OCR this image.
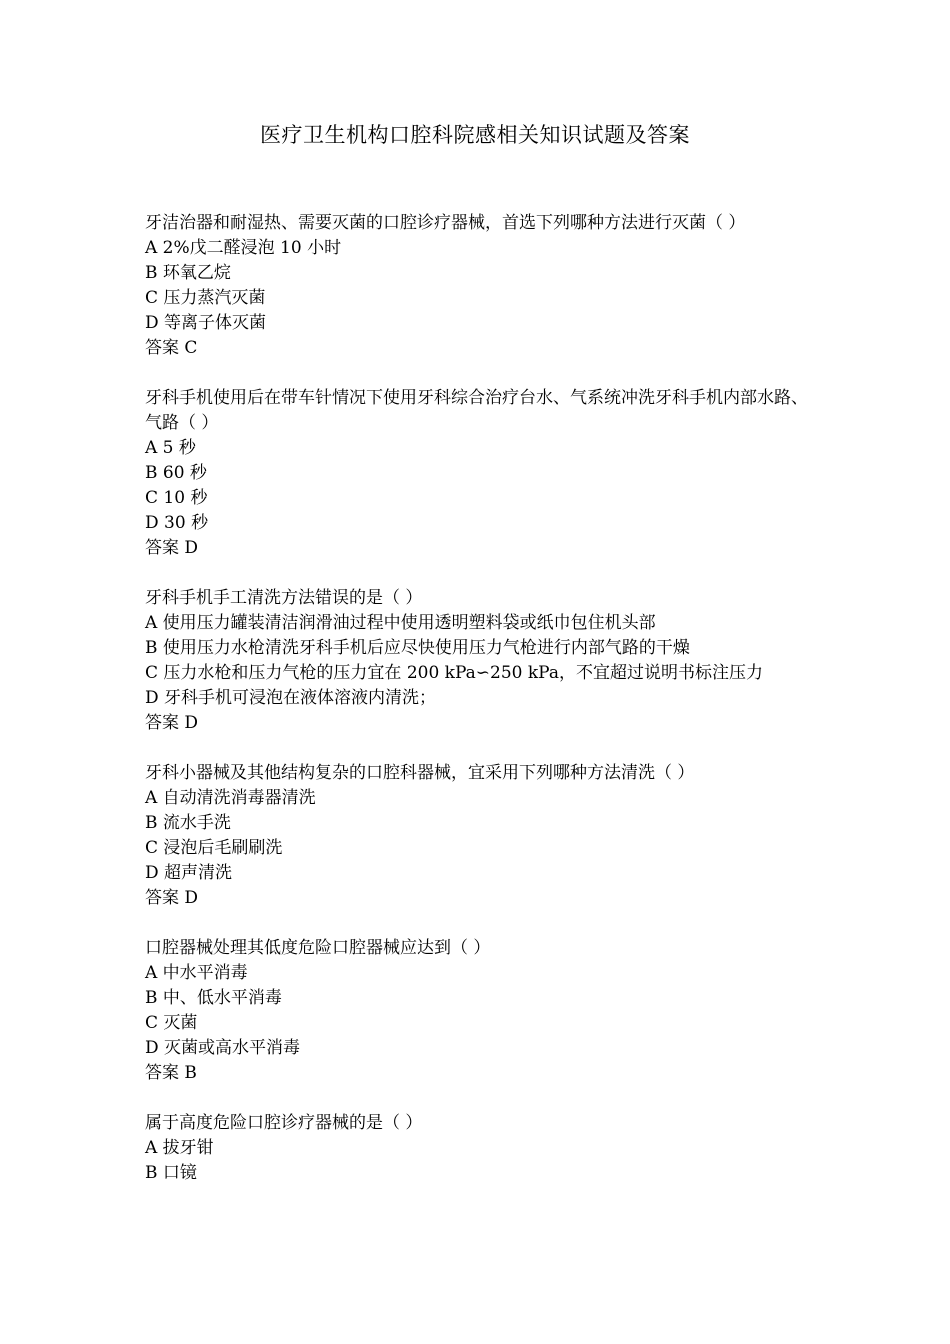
医疗卫生机构口腔科院感相关知识试题及答案

牙洁治器和耐湿热、需要灭菌的口腔诊疗器械，首选下列哪种方法进行灭菌（ ）

A 2%戊二醛浸泡 10 小时

B 环氧乙烷

C 压力蒸汽灭菌

D 等离子体灭菌

答案 C

牙科手机使用后在带车针情况下使用牙科综合治疗台水、气系统冲洗牙科手机内部水路、气路（ ）

A 5 秒

B 60 秒

C 10 秒

D 30 秒

答案 D

牙科手机手工清洗方法错误的是（ ）

A 使用压力罐装清洁润滑油过程中使用透明塑料袋或纸巾包住机头部

B 使用压力水枪清洗牙科手机后应尽快使用压力气枪进行内部气路的干燥

C 压力水枪和压力气枪的压力宜在 200 kPa∽250 kPa，不宜超过说明书标注压力

D 牙科手机可浸泡在液体溶液内清洗；

答案 D

牙科小器械及其他结构复杂的口腔科器械，宜采用下列哪种方法清洗（ ）

A 自动清洗消毒器清洗

B 流水手洗

C 浸泡后毛刷刷洗

D 超声清洗

答案 D

口腔器械处理其低度危险口腔器械应达到（ ）

A 中水平消毒

B 中、低水平消毒

C 灭菌

D 灭菌或高水平消毒

答案 B

属于高度危险口腔诊疗器械的是（ ）

A 拔牙钳

B 口镜
